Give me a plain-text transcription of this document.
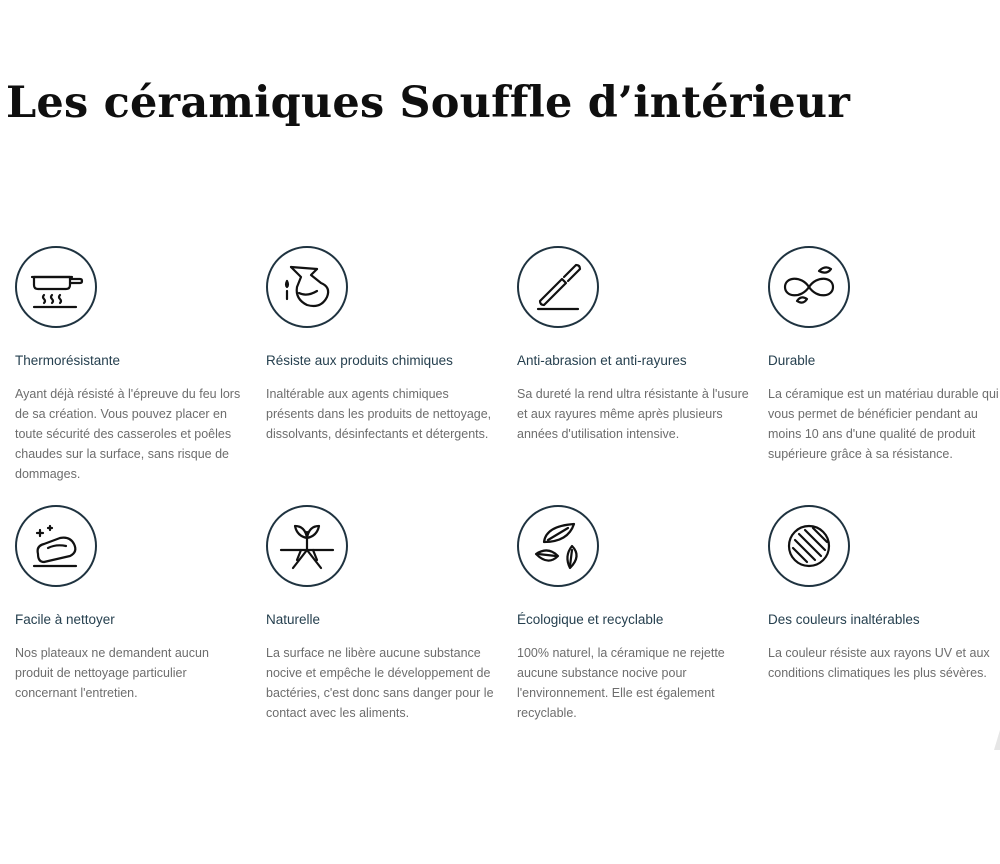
Les céramiques Souffle d’intérieur
Thermorésistante
Ayant déjà résisté à l'épreuve du feu lors de sa création. Vous pouvez placer en toute sécurité des casseroles et poêles chaudes sur la surface, sans risque de dommages.
Résiste aux produits chimiques
Inaltérable aux agents chimiques présents dans les produits de nettoyage, dissolvants, désinfectants et détergents.
Anti-abrasion et anti-rayures
Sa dureté la rend ultra résistante à l'usure et aux rayures même après plusieurs années d'utilisation intensive.
Durable
La céramique est un matériau durable qui vous permet de bénéficier pendant au moins 10 ans d'une qualité de produit supérieure grâce à sa résistance.
Facile à nettoyer
Nos plateaux ne demandent aucun produit de nettoyage particulier concernant l'entretien.
Naturelle
La surface ne libère aucune substance nocive et empêche le développement de bactéries, c'est donc sans danger pour le contact avec les aliments.
Écologique et recyclable
100% naturel, la céramique ne rejette aucune substance nocive pour l'environnement. Elle est également recyclable.
Des couleurs inaltérables
La couleur résiste aux rayons UV et aux conditions climatiques les plus sévères.
